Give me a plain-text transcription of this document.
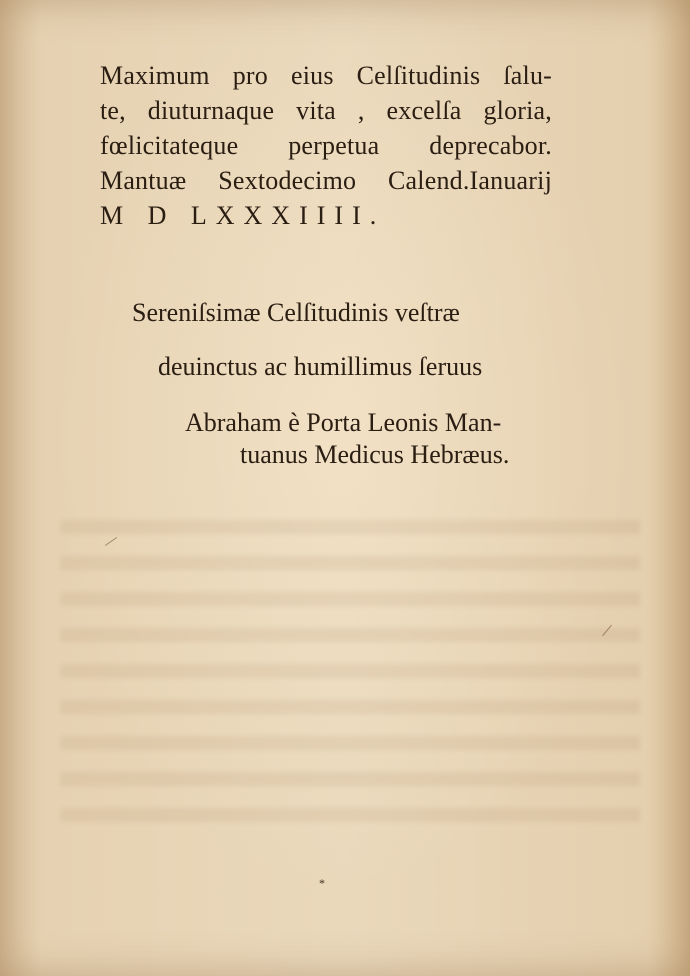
Maximum pro eius Celſitudinis ſalu-
te, diuturnaque vita , excelſa gloria,
fœlicitateque perpetua deprecabor.
Mantuæ Sextodecimo Calend.Ianuarij
M D LXXXIIII.
Sereniſsimæ Celſitudinis veſtræ
deuinctus ac humillimus ſeruus
Abraham è Porta Leonis Man-
tuanus Medicus Hebræus.
*
